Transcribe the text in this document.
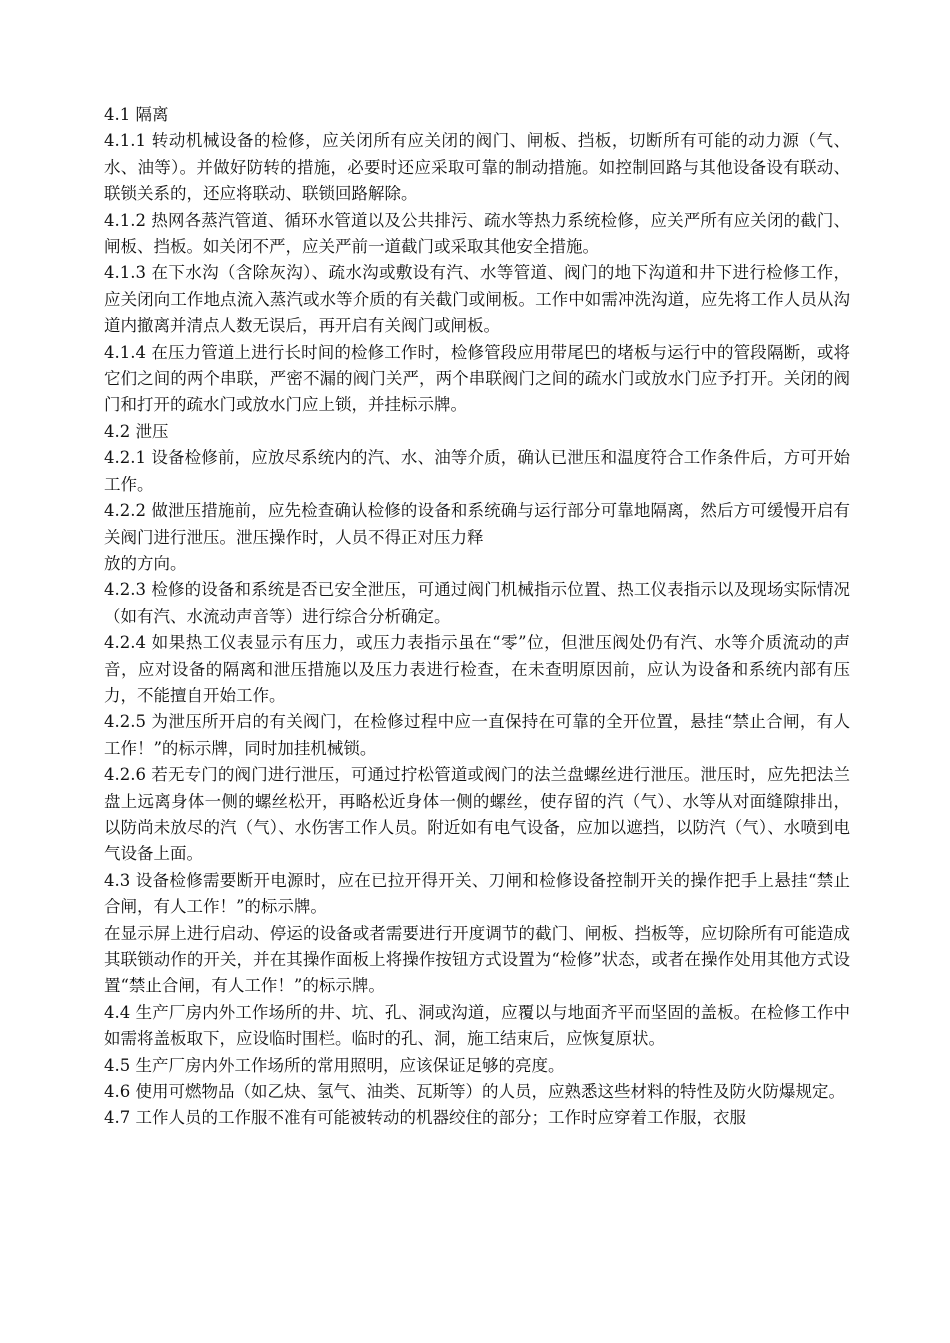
4.1 隔离

4.1.1 转动机械设备的检修，应关闭所有应关闭的阀门、闸板、挡板，切断所有可能的动力源（气、水、油等）。并做好防转的措施，必要时还应采取可靠的制动措施。如控制回路与其他设备设有联动、联锁关系的，还应将联动、联锁回路解除。

4.1.2 热网各蒸汽管道、循环水管道以及公共排污、疏水等热力系统检修，应关严所有应关闭的截门、闸板、挡板。如关闭不严，应关严前一道截门或采取其他安全措施。

4.1.3 在下水沟（含除灰沟）、疏水沟或敷设有汽、水等管道、阀门的地下沟道和井下进行检修工作，应关闭向工作地点流入蒸汽或水等介质的有关截门或闸板。工作中如需冲洗沟道，应先将工作人员从沟道内撤离并清点人数无误后，再开启有关阀门或闸板。

4.1.4 在压力管道上进行长时间的检修工作时，检修管段应用带尾巴的堵板与运行中的管段隔断，或将它们之间的两个串联，严密不漏的阀门关严，两个串联阀门之间的疏水门或放水门应予打开。关闭的阀门和打开的疏水门或放水门应上锁，并挂标示牌。

4.2 泄压

4.2.1 设备检修前，应放尽系统内的汽、水、油等介质，确认已泄压和温度符合工作条件后，方可开始工作。

4.2.2 做泄压措施前，应先检查确认检修的设备和系统确与运行部分可靠地隔离，然后方可缓慢开启有关阀门进行泄压。泄压操作时，人员不得正对压力释

放的方向。

4.2.3 检修的设备和系统是否已安全泄压，可通过阀门机械指示位置、热工仪表指示以及现场实际情况（如有汽、水流动声音等）进行综合分析确定。

4.2.4 如果热工仪表显示有压力，或压力表指示虽在“零”位，但泄压阀处仍有汽、水等介质流动的声音，应对设备的隔离和泄压措施以及压力表进行检查，在未查明原因前，应认为设备和系统内部有压力，不能擅自开始工作。

4.2.5 为泄压所开启的有关阀门，在检修过程中应一直保持在可靠的全开位置，悬挂“禁止合闸，有人工作！”的标示牌，同时加挂机械锁。

4.2.6 若无专门的阀门进行泄压，可通过拧松管道或阀门的法兰盘螺丝进行泄压。泄压时，应先把法兰盘上远离身体一侧的螺丝松开，再略松近身体一侧的螺丝，使存留的汽（气）、水等从对面缝隙排出，以防尚未放尽的汽（气）、水伤害工作人员。附近如有电气设备，应加以遮挡，以防汽（气）、水喷到电气设备上面。

4.3 设备检修需要断开电源时，应在已拉开得开关、刀闸和检修设备控制开关的操作把手上悬挂“禁止合闸，有人工作！”的标示牌。

在显示屏上进行启动、停运的设备或者需要进行开度调节的截门、闸板、挡板等，应切除所有可能造成其联锁动作的开关，并在其操作面板上将操作按钮方式设置为“检修”状态，或者在操作处用其他方式设置“禁止合闸，有人工作！”的标示牌。

4.4 生产厂房内外工作场所的井、坑、孔、洞或沟道，应覆以与地面齐平而坚固的盖板。在检修工作中如需将盖板取下，应设临时围栏。临时的孔、洞，施工结束后，应恢复原状。

4.5 生产厂房内外工作场所的常用照明，应该保证足够的亮度。

4.6 使用可燃物品（如乙炔、氢气、油类、瓦斯等）的人员，应熟悉这些材料的特性及防火防爆规定。

4.7 工作人员的工作服不准有可能被转动的机器绞住的部分；工作时应穿着工作服，衣服
